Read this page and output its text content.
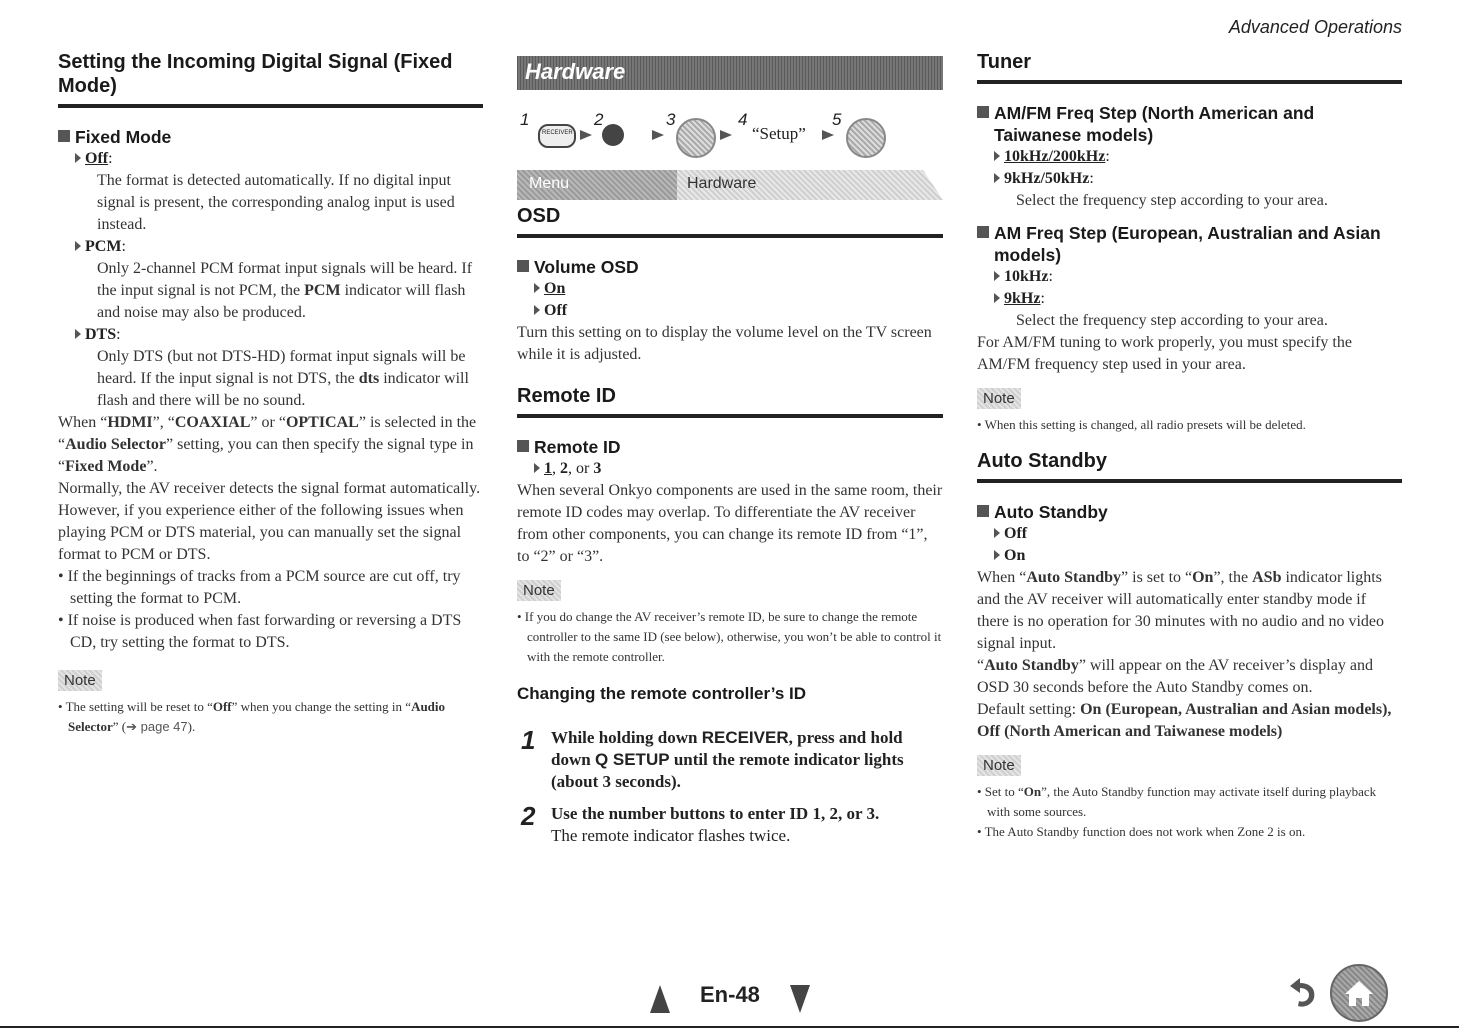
Advanced Operations
Setting the Incoming Digital Signal (Fixed Mode)
Fixed Mode
Off:
The format is detected automatically. If no digital input signal is present, the corresponding analog input is used instead.
PCM:
Only 2-channel PCM format input signals will be heard. If the input signal is not PCM, the PCM indicator will flash and noise may also be produced.
DTS:
Only DTS (but not DTS-HD) format input signals will be heard. If the input signal is not DTS, the dts indicator will flash and there will be no sound.
When “HDMI”, “COAXIAL” or “OPTICAL” is selected in the “Audio Selector” setting, you can then specify the signal type in “Fixed Mode”.
Normally, the AV receiver detects the signal format automatically. However, if you experience either of the following issues when playing PCM or DTS material, you can manually set the signal format to PCM or DTS.
• If the beginnings of tracks from a PCM source are cut off, try setting the format to PCM.
• If noise is produced when fast forwarding or reversing a DTS CD, try setting the format to DTS.
Note
• The setting will be reset to “Off” when you change the setting in “Audio Selector” (➔ page 47).
Hardware
1
RECEIVER
2	3	4
“Setup”
5
Menu	Hardware
OSD
Volume OSD
On
Off
Turn this setting on to display the volume level on the TV screen while it is adjusted.
Remote ID
Remote ID
1, 2, or 3
When several Onkyo components are used in the same room, their remote ID codes may overlap. To differentiate the AV receiver from other components, you can change its remote ID from “1”, to “2” or “3”.
Note
• If you do change the AV receiver’s remote ID, be sure to change the remote controller to the same ID (see below), otherwise, you won’t be able to control it with the remote controller.
Changing the remote controller’s ID
1 While holding down RECEIVER, press and hold down Q SETUP until the remote indicator lights (about 3 seconds).
2 Use the number buttons to enter ID 1, 2, or 3.
The remote indicator flashes twice.
Tuner
AM/FM Freq Step (North American and Taiwanese models)
10kHz/200kHz:
9kHz/50kHz:
Select the frequency step according to your area.
AM Freq Step (European, Australian and Asian models)
10kHz:
9kHz:
Select the frequency step according to your area.
For AM/FM tuning to work properly, you must specify the AM/FM frequency step used in your area.
Note
• When this setting is changed, all radio presets will be deleted.
Auto Standby
Auto Standby
Off
On
When “Auto Standby” is set to “On”, the ASb indicator lights and the AV receiver will automatically enter standby mode if there is no operation for 30 minutes with no audio and no video signal input.
“Auto Standby” will appear on the AV receiver’s display and OSD 30 seconds before the Auto Standby comes on.
Default setting: On (European, Australian and Asian models), Off (North American and Taiwanese models)
Note
• Set to “On”, the Auto Standby function may activate itself during playback with some sources.
• The Auto Standby function does not work when Zone 2 is on.
En-48
